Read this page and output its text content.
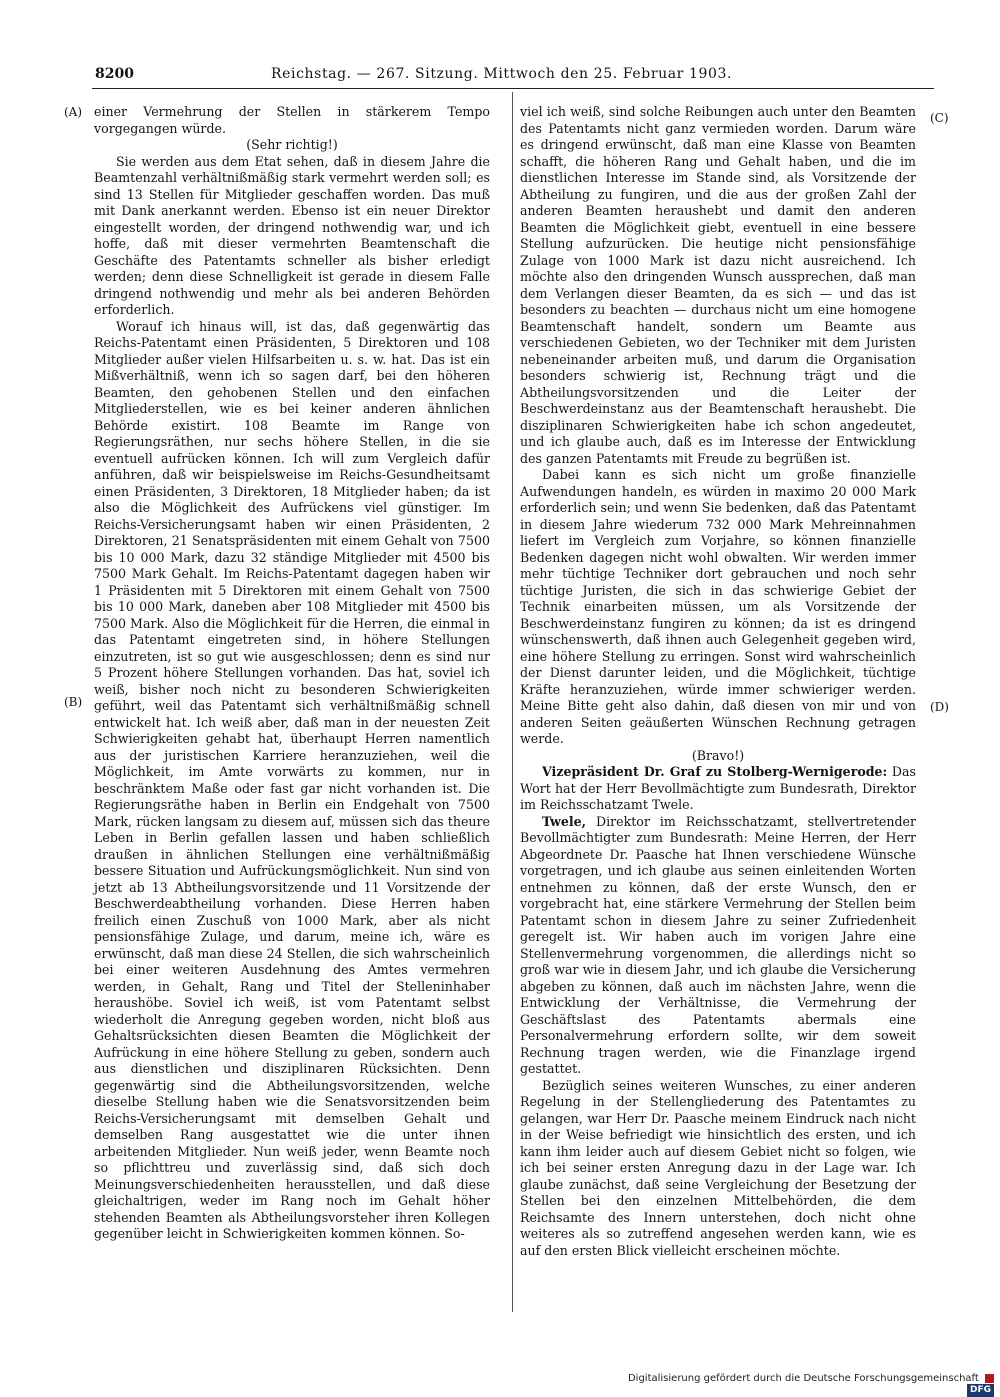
8200	Reichstag. — 267. Sitzung. Mittwoch den 25. Februar 1903.
(A)
(B)
(C)
(D)

einer Vermehrung der Stellen in stärkerem Tempo vorgegangen würde.

(Sehr richtig!)

Sie werden aus dem Etat sehen, daß in diesem Jahre die Beamtenzahl verhältnißmäßig stark vermehrt werden soll; es sind 13 Stellen für Mitglieder geschaffen worden. Das muß mit Dank anerkannt werden. Ebenso ist ein neuer Direktor eingestellt worden, der dringend nothwendig war, und ich hoffe, daß mit dieser vermehrten Beamtenschaft die Geschäfte des Patentamts schneller als bisher erledigt werden; denn diese Schnelligkeit ist gerade in diesem Falle dringend nothwendig und mehr als bei anderen Behörden erforderlich.

Worauf ich hinaus will, ist das, daß gegenwärtig das Reichs-Patentamt einen Präsidenten, 5 Direktoren und 108 Mitglieder außer vielen Hilfsarbeiten u. s. w. hat. Das ist ein Mißverhältniß, wenn ich so sagen darf, bei den höheren Beamten, den gehobenen Stellen und den einfachen Mitgliederstellen, wie es bei keiner anderen ähnlichen Behörde existirt. 108 Beamte im Range von Regierungsräthen, nur sechs höhere Stellen, in die sie eventuell aufrücken können. Ich will zum Vergleich dafür anführen, daß wir beispielsweise im Reichs-Gesundheitsamt einen Präsidenten, 3 Direktoren, 18 Mitglieder haben; da ist also die Möglichkeit des Aufrückens viel günstiger. Im Reichs-Versicherungsamt haben wir einen Präsidenten, 2 Direktoren, 21 Senatspräsidenten mit einem Gehalt von 7500 bis 10 000 Mark, dazu 32 ständige Mitglieder mit 4500 bis 7500 Mark Gehalt. Im Reichs-Patentamt dagegen haben wir 1 Präsidenten mit 5 Direktoren mit einem Gehalt von 7500 bis 10 000 Mark, daneben aber 108 Mitglieder mit 4500 bis 7500 Mark. Also die Möglichkeit für die Herren, die einmal in das Patentamt eingetreten sind, in höhere Stellungen einzutreten, ist so gut wie ausgeschlossen; denn es sind nur 5 Prozent höhere Stellungen vorhanden. Das hat, soviel ich weiß, bisher noch nicht zu besonderen Schwierigkeiten geführt, weil das Patentamt sich verhältnißmäßig schnell entwickelt hat. Ich weiß aber, daß man in der neuesten Zeit Schwierigkeiten gehabt hat, überhaupt Herren namentlich aus der juristischen Karriere heranzuziehen, weil die Möglichkeit, im Amte vorwärts zu kommen, nur in beschränktem Maße oder fast gar nicht vorhanden ist. Die Regierungsräthe haben in Berlin ein Endgehalt von 7500 Mark, rücken langsam zu diesem auf, müssen sich das theure Leben in Berlin gefallen lassen und haben schließlich draußen in ähnlichen Stellungen eine verhältnißmäßig bessere Situation und Aufrückungsmöglichkeit. Nun sind von jetzt ab 13 Abtheilungsvorsitzende und 11 Vorsitzende der Beschwerdeabtheilung vorhanden. Diese Herren haben freilich einen Zuschuß von 1000 Mark, aber als nicht pensionsfähige Zulage, und darum, meine ich, wäre es erwünscht, daß man diese 24 Stellen, die sich wahrscheinlich bei einer weiteren Ausdehnung des Amtes vermehren werden, in Gehalt, Rang und Titel der Stelleninhaber heraushöbe. Soviel ich weiß, ist vom Patentamt selbst wiederholt die Anregung gegeben worden, nicht bloß aus Gehaltsrücksichten diesen Beamten die Möglichkeit der Aufrückung in eine höhere Stellung zu geben, sondern auch aus dienstlichen und disziplinaren Rücksichten. Denn gegenwärtig sind die Abtheilungsvorsitzenden, welche dieselbe Stellung haben wie die Senatsvorsitzenden beim Reichs-Versicherungsamt mit demselben Gehalt und demselben Rang ausgestattet wie die unter ihnen arbeitenden Mitglieder. Nun weiß jeder, wenn Beamte noch so pflichttreu und zuverlässig sind, daß sich doch Meinungsverschiedenheiten herausstellen, und daß diese gleichaltrigen, weder im Rang noch im Gehalt höher stehenden Beamten als Abtheilungsvorsteher ihren Kollegen gegenüber leicht in Schwierigkeiten kommen können. So-

viel ich weiß, sind solche Reibungen auch unter den Beamten des Patentamts nicht ganz vermieden worden. Darum wäre es dringend erwünscht, daß man eine Klasse von Beamten schafft, die höheren Rang und Gehalt haben, und die im dienstlichen Interesse im Stande sind, als Vorsitzende der Abtheilung zu fungiren, und die aus der großen Zahl der anderen Beamten heraushebt und damit den anderen Beamten die Möglichkeit giebt, eventuell in eine bessere Stellung aufzurücken. Die heutige nicht pensionsfähige Zulage von 1000 Mark ist dazu nicht ausreichend. Ich möchte also den dringenden Wunsch aussprechen, daß man dem Verlangen dieser Beamten, da es sich — und das ist besonders zu beachten — durchaus nicht um eine homogene Beamtenschaft handelt, sondern um Beamte aus verschiedenen Gebieten, wo der Techniker mit dem Juristen nebeneinander arbeiten muß, und darum die Organisation besonders schwierig ist, Rechnung trägt und die Abtheilungsvorsitzenden und die Leiter der Beschwerdeinstanz aus der Beamtenschaft heraushebt. Die disziplinaren Schwierigkeiten habe ich schon angedeutet, und ich glaube auch, daß es im Interesse der Entwicklung des ganzen Patentamts mit Freude zu begrüßen ist.

Dabei kann es sich nicht um große finanzielle Aufwendungen handeln, es würden in maximo 20 000 Mark erforderlich sein; und wenn Sie bedenken, daß das Patentamt in diesem Jahre wiederum 732 000 Mark Mehreinnahmen liefert im Vergleich zum Vorjahre, so können finanzielle Bedenken dagegen nicht wohl obwalten. Wir werden immer mehr tüchtige Techniker dort gebrauchen und noch sehr tüchtige Juristen, die sich in das schwierige Gebiet der Technik einarbeiten müssen, um als Vorsitzende der Beschwerdeinstanz fungiren zu können; da ist es dringend wünschenswerth, daß ihnen auch Gelegenheit gegeben wird, eine höhere Stellung zu erringen. Sonst wird wahrscheinlich der Dienst darunter leiden, und die Möglichkeit, tüchtige Kräfte heranzuziehen, würde immer schwieriger werden. Meine Bitte geht also dahin, daß diesen von mir und von anderen Seiten geäußerten Wünschen Rechnung getragen werde.

(Bravo!)

Vizepräsident Dr. Graf zu Stolberg-Wernigerode: Das Wort hat der Herr Bevollmächtigte zum Bundesrath, Direktor im Reichsschatzamt Twele.

Twele, Direktor im Reichsschatzamt, stellvertretender Bevollmächtigter zum Bundesrath: Meine Herren, der Herr Abgeordnete Dr. Paasche hat Ihnen verschiedene Wünsche vorgetragen, und ich glaube aus seinen einleitenden Worten entnehmen zu können, daß der erste Wunsch, den er vorgebracht hat, eine stärkere Vermehrung der Stellen beim Patentamt schon in diesem Jahre zu seiner Zufriedenheit geregelt ist. Wir haben auch im vorigen Jahre eine Stellenvermehrung vorgenommen, die allerdings nicht so groß war wie in diesem Jahr, und ich glaube die Versicherung abgeben zu können, daß auch im nächsten Jahre, wenn die Entwicklung der Verhältnisse, die Vermehrung der Geschäftslast des Patentamts abermals eine Personalvermehrung erfordern sollte, wir dem soweit Rechnung tragen werden, wie die Finanzlage irgend gestattet.

Bezüglich seines weiteren Wunsches, zu einer anderen Regelung in der Stellengliederung des Patentamtes zu gelangen, war Herr Dr. Paasche meinem Eindruck nach nicht in der Weise befriedigt wie hinsichtlich des ersten, und ich kann ihm leider auch auf diesem Gebiet nicht so folgen, wie ich bei seiner ersten Anregung dazu in der Lage war. Ich glaube zunächst, daß seine Vergleichung der Besetzung der Stellen bei den einzelnen Mittelbehörden, die dem Reichsamte des Innern unterstehen, doch nicht ohne weiteres als so zutreffend angesehen werden kann, wie es auf den ersten Blick vielleicht erscheinen möchte.

Digitalisierung gefördert durch die Deutsche Forschungsgemeinschaft  DFG
